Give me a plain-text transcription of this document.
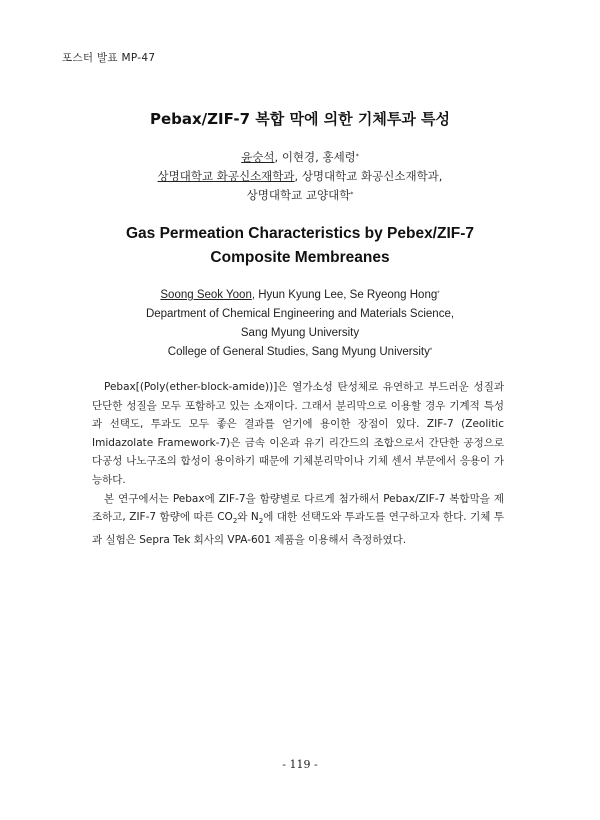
포스터 발표 MP-47
Pebax/ZIF-7 복합 막에 의한 기체투과 특성
윤숭석, 이현경, 홍세령*
상명대학교 화공신소재학과, 상명대학교 화공신소재학과,
상명대학교 교양대학*
Gas Permeation Characteristics by Pebex/ZIF-7
Composite Membreanes
Soong Seok Yoon, Hyun Kyung Lee, Se Ryeong Hong*
Department of Chemical Engineering and Materials Science,
Sang Myung University
College of General Studies, Sang Myung University*

Pebax[(Poly(ether-block-amide))]은 열가소성 탄성체로 유연하고 부드러운 성질과 단단한 성질을 모두 포함하고 있는 소재이다. 그래서 분리막으로 이용할 경우 기계적 특성과 선택도, 투과도 모두 좋은 결과를 얻기에 용이한 장점이 있다. ZIF-7 (Zeolitic Imidazolate Framework-7)은 금속 이온과 유기 리간드의 조합으로서 간단한 공정으로 다공성 나노구조의 합성이 용이하기 때문에 기체분리막이나 기체 센서 부문에서 응용이 가능하다.

본 연구에서는 Pebax에 ZIF-7을 함량별로 다르게 첨가해서 Pebax/ZIF-7 복합막을 제조하고, ZIF-7 함량에 따른 $CO_2$와 $N_2$에 대한 선택도와 투과도를 연구하고자 한다. 기체 투과 실험은 Sepra Tek 회사의 VPA-601 제품을 이용해서 측정하였다.

- 119 -
